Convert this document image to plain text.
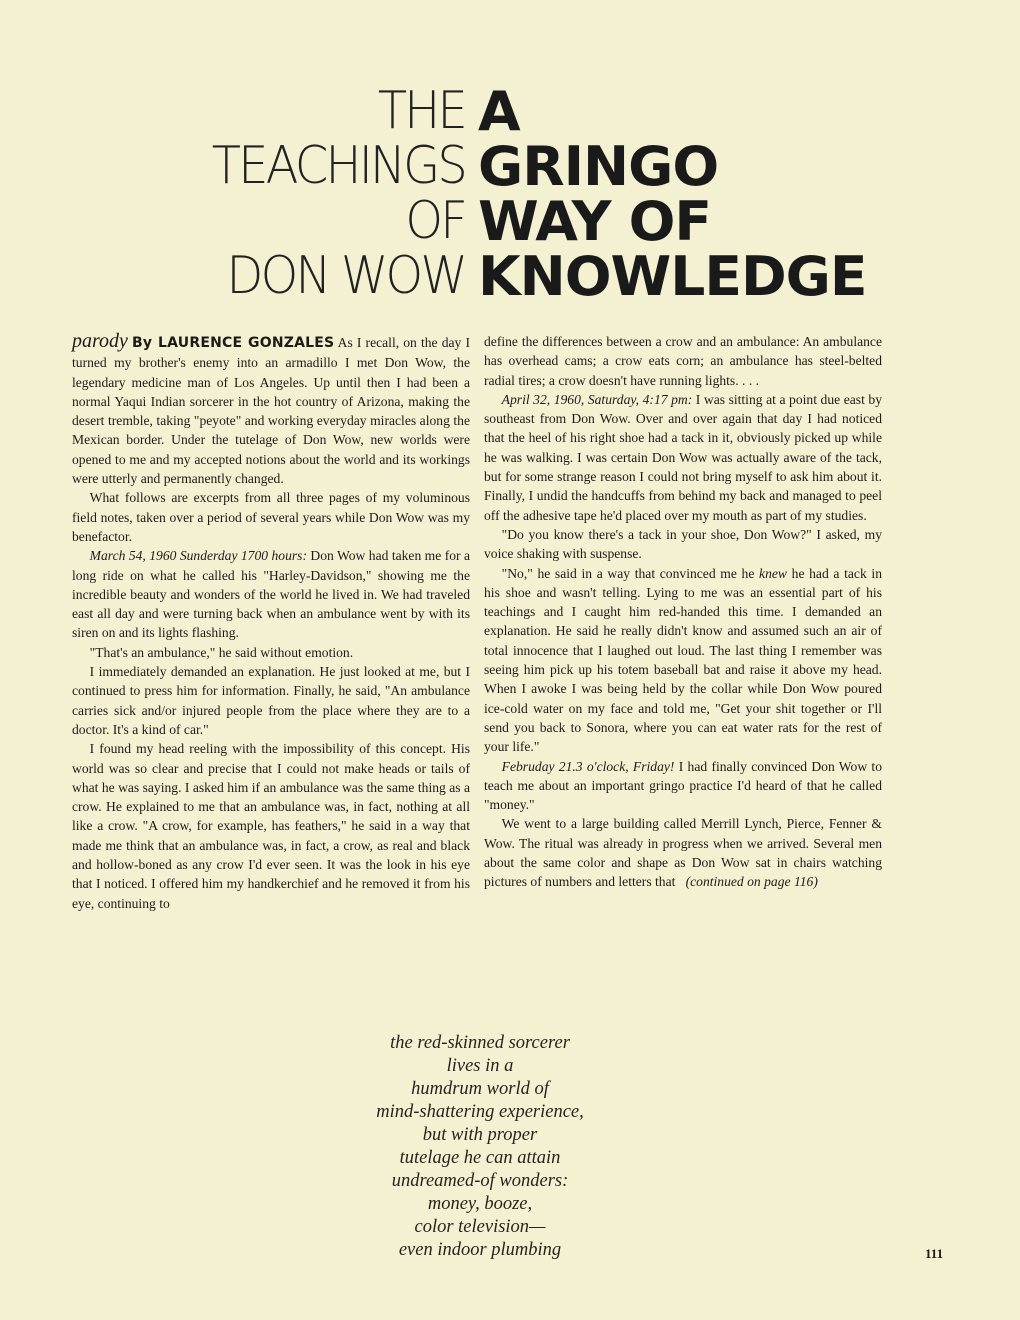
THE
TEACHINGS
OF
DON WOW
A
GRINGO
WAY OF
KNOWLEDGE

parody By LAURENCE GONZALES As I recall, on the day I turned my brother's enemy into an armadillo I met Don Wow, the legendary medicine man of Los Angeles. Up until then I had been a normal Yaqui Indian sorcerer in the hot country of Arizona, making the desert tremble, taking "peyote" and working everyday miracles along the Mexican border. Under the tutelage of Don Wow, new worlds were opened to me and my accepted notions about the world and its workings were utterly and permanently changed.

What follows are excerpts from all three pages of my voluminous field notes, taken over a period of several years while Don Wow was my benefactor.

March 54, 1960 Sunderday 1700 hours: Don Wow had taken me for a long ride on what he called his "Harley-Davidson," showing me the incredible beauty and wonders of the world he lived in. We had traveled east all day and were turning back when an ambulance went by with its siren on and its lights flashing.

"That's an ambulance," he said without emotion.

I immediately demanded an explanation. He just looked at me, but I continued to press him for information. Finally, he said, "An ambulance carries sick and/or injured people from the place where they are to a doctor. It's a kind of car."

I found my head reeling with the impossibility of this concept. His world was so clear and precise that I could not make heads or tails of what he was saying. I asked him if an ambulance was the same thing as a crow. He explained to me that an ambulance was, in fact, nothing at all like a crow. "A crow, for example, has feathers," he said in a way that made me think that an ambulance was, in fact, a crow, as real and black and hollow-boned as any crow I'd ever seen. It was the look in his eye that I noticed. I offered him my handkerchief and he removed it from his eye, continuing to

define the differences between a crow and an ambulance: An ambulance has overhead cams; a crow eats corn; an ambulance has steel-belted radial tires; a crow doesn't have running lights. . . .

April 32, 1960, Saturday, 4:17 pm: I was sitting at a point due east by southeast from Don Wow. Over and over again that day I had noticed that the heel of his right shoe had a tack in it, obviously picked up while he was walking. I was certain Don Wow was actually aware of the tack, but for some strange reason I could not bring myself to ask him about it. Finally, I undid the handcuffs from behind my back and managed to peel off the adhesive tape he'd placed over my mouth as part of my studies.

"Do you know there's a tack in your shoe, Don Wow?" I asked, my voice shaking with suspense.

"No," he said in a way that convinced me he knew he had a tack in his shoe and wasn't telling. Lying to me was an essential part of his teachings and I caught him red-handed this time. I demanded an explanation. He said he really didn't know and assumed such an air of total innocence that I laughed out loud. The last thing I remember was seeing him pick up his totem baseball bat and raise it above my head. When I awoke I was being held by the collar while Don Wow poured ice-cold water on my face and told me, "Get your shit together or I'll send you back to Sonora, where you can eat water rats for the rest of your life."

Februday 21.3 o'clock, Friday! I had finally convinced Don Wow to teach me about an important gringo practice I'd heard of that he called "money."

We went to a large building called Merrill Lynch, Pierce, Fenner & Wow. The ritual was already in progress when we arrived. Several men about the same color and shape as Don Wow sat in chairs watching pictures of numbers and letters that (continued on page 116)

the red-skinned sorcerer
lives in a
humdrum world of
mind-shattering experience,
but with proper
tutelage he can attain
undreamed-of wonders:
money, booze,
color television—
even indoor plumbing	111
